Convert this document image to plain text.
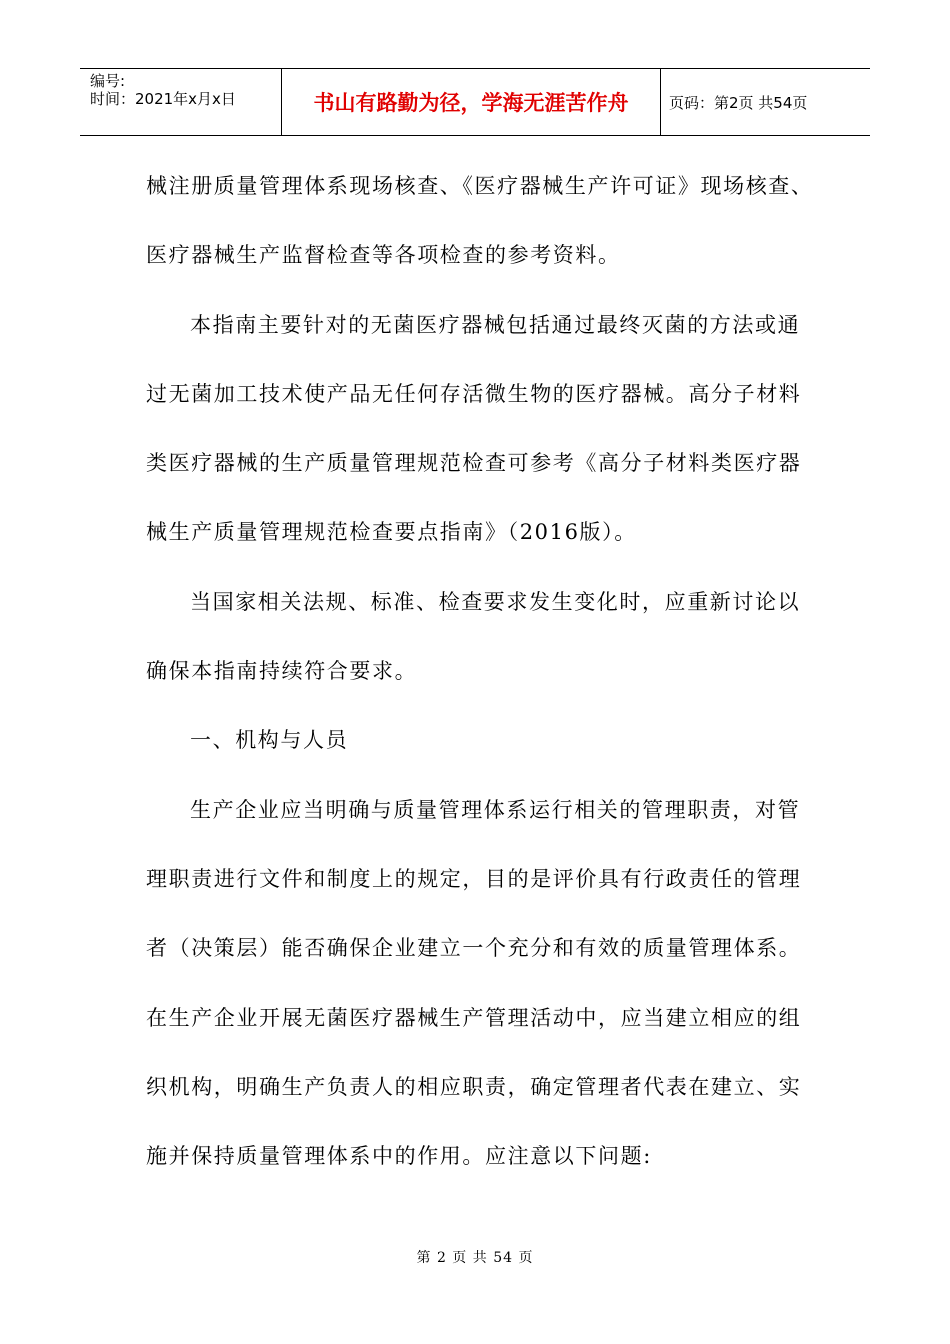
编号:
时间：2021年x月x日	书山有路勤为径，学海无涯苦作舟	页码：第2页 共54页
械注册质量管理体系现场核查、《医疗器械生产许可证》现场核查、
医疗器械生产监督检查等各项检查的参考资料。
本指南主要针对的无菌医疗器械包括通过最终灭菌的方法或通
过无菌加工技术使产品无任何存活微生物的医疗器械。高分子材料
类医疗器械的生产质量管理规范检查可参考《高分子材料类医疗器
械生产质量管理规范检查要点指南》（2016版）。
当国家相关法规、标准、检查要求发生变化时，应重新讨论以
确保本指南持续符合要求。
一、机构与人员
生产企业应当明确与质量管理体系运行相关的管理职责，对管
理职责进行文件和制度上的规定，目的是评价具有行政责任的管理
者（决策层）能否确保企业建立一个充分和有效的质量管理体系。
在生产企业开展无菌医疗器械生产管理活动中，应当建立相应的组
织机构，明确生产负责人的相应职责，确定管理者代表在建立、实
施并保持质量管理体系中的作用。应注意以下问题:
第 2 页 共 54 页
